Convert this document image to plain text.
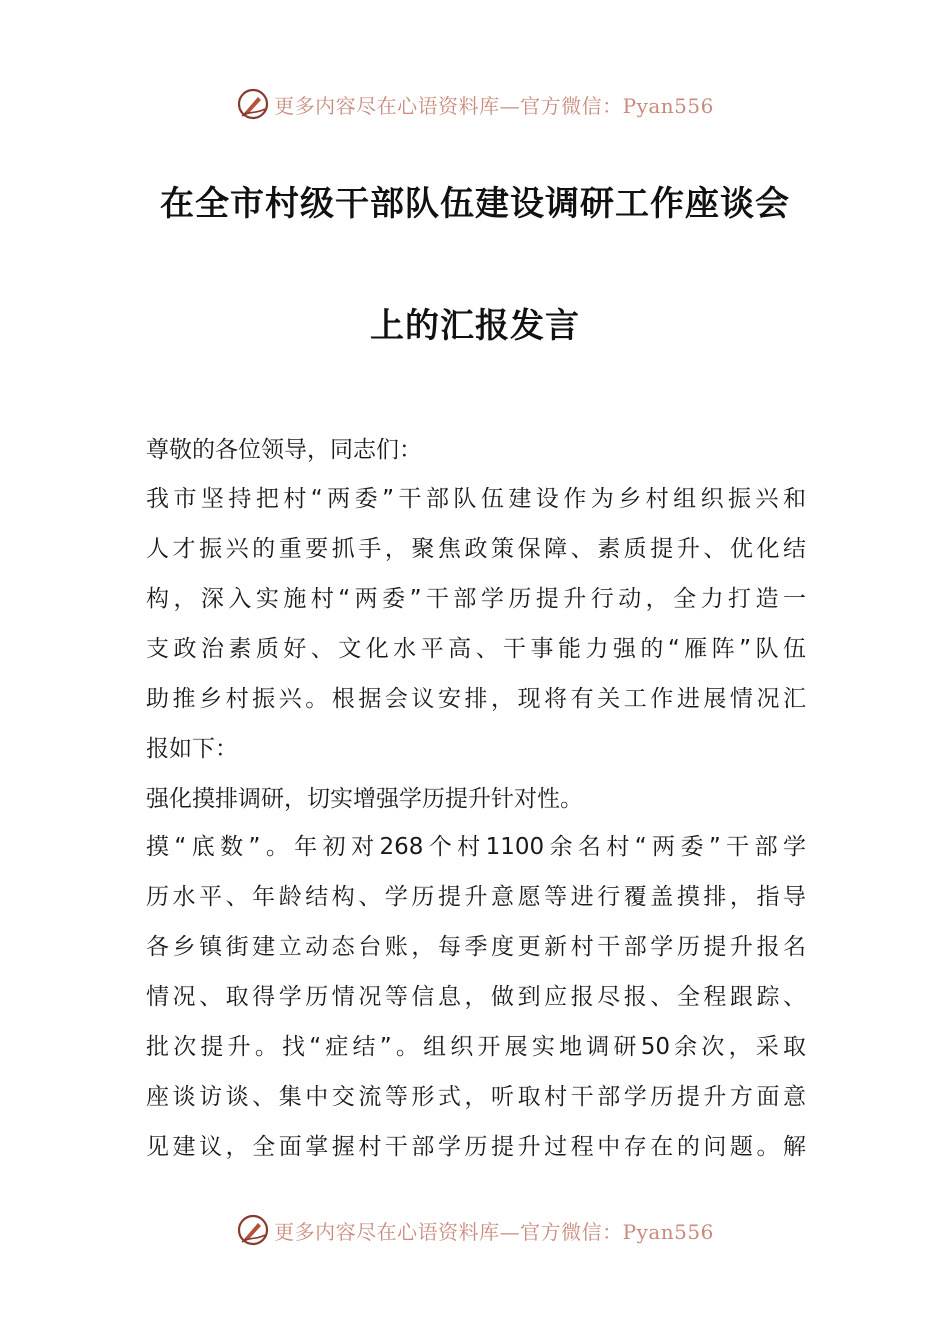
更多内容尽在心语资料库—官方微信：Pyan556
在全市村级干部队伍建设调研工作座谈会
上的汇报发言
尊敬的各位领导，同志们：
我市坚持把村“两委”干部队伍建设作为乡村组织振兴和
人才振兴的重要抓手，聚焦政策保障、素质提升、优化结
构，深入实施村“两委”干部学历提升行动，全力打造一
支政治素质好、文化水平高、干事能力强的“雁阵”队伍
助推乡村振兴。根据会议安排，现将有关工作进展情况汇
报如下：
强化摸排调研，切实增强学历提升针对性。
摸“底数”。年初对268个村1100余名村“两委”干部学
历水平、年龄结构、学历提升意愿等进行覆盖摸排，指导
各乡镇街建立动态台账，每季度更新村干部学历提升报名
情况、取得学历情况等信息，做到应报尽报、全程跟踪、
批次提升。找“症结”。组织开展实地调研50余次，采取
座谈访谈、集中交流等形式，听取村干部学历提升方面意
见建议，全面掌握村干部学历提升过程中存在的问题。解
更多内容尽在心语资料库—官方微信：Pyan556
